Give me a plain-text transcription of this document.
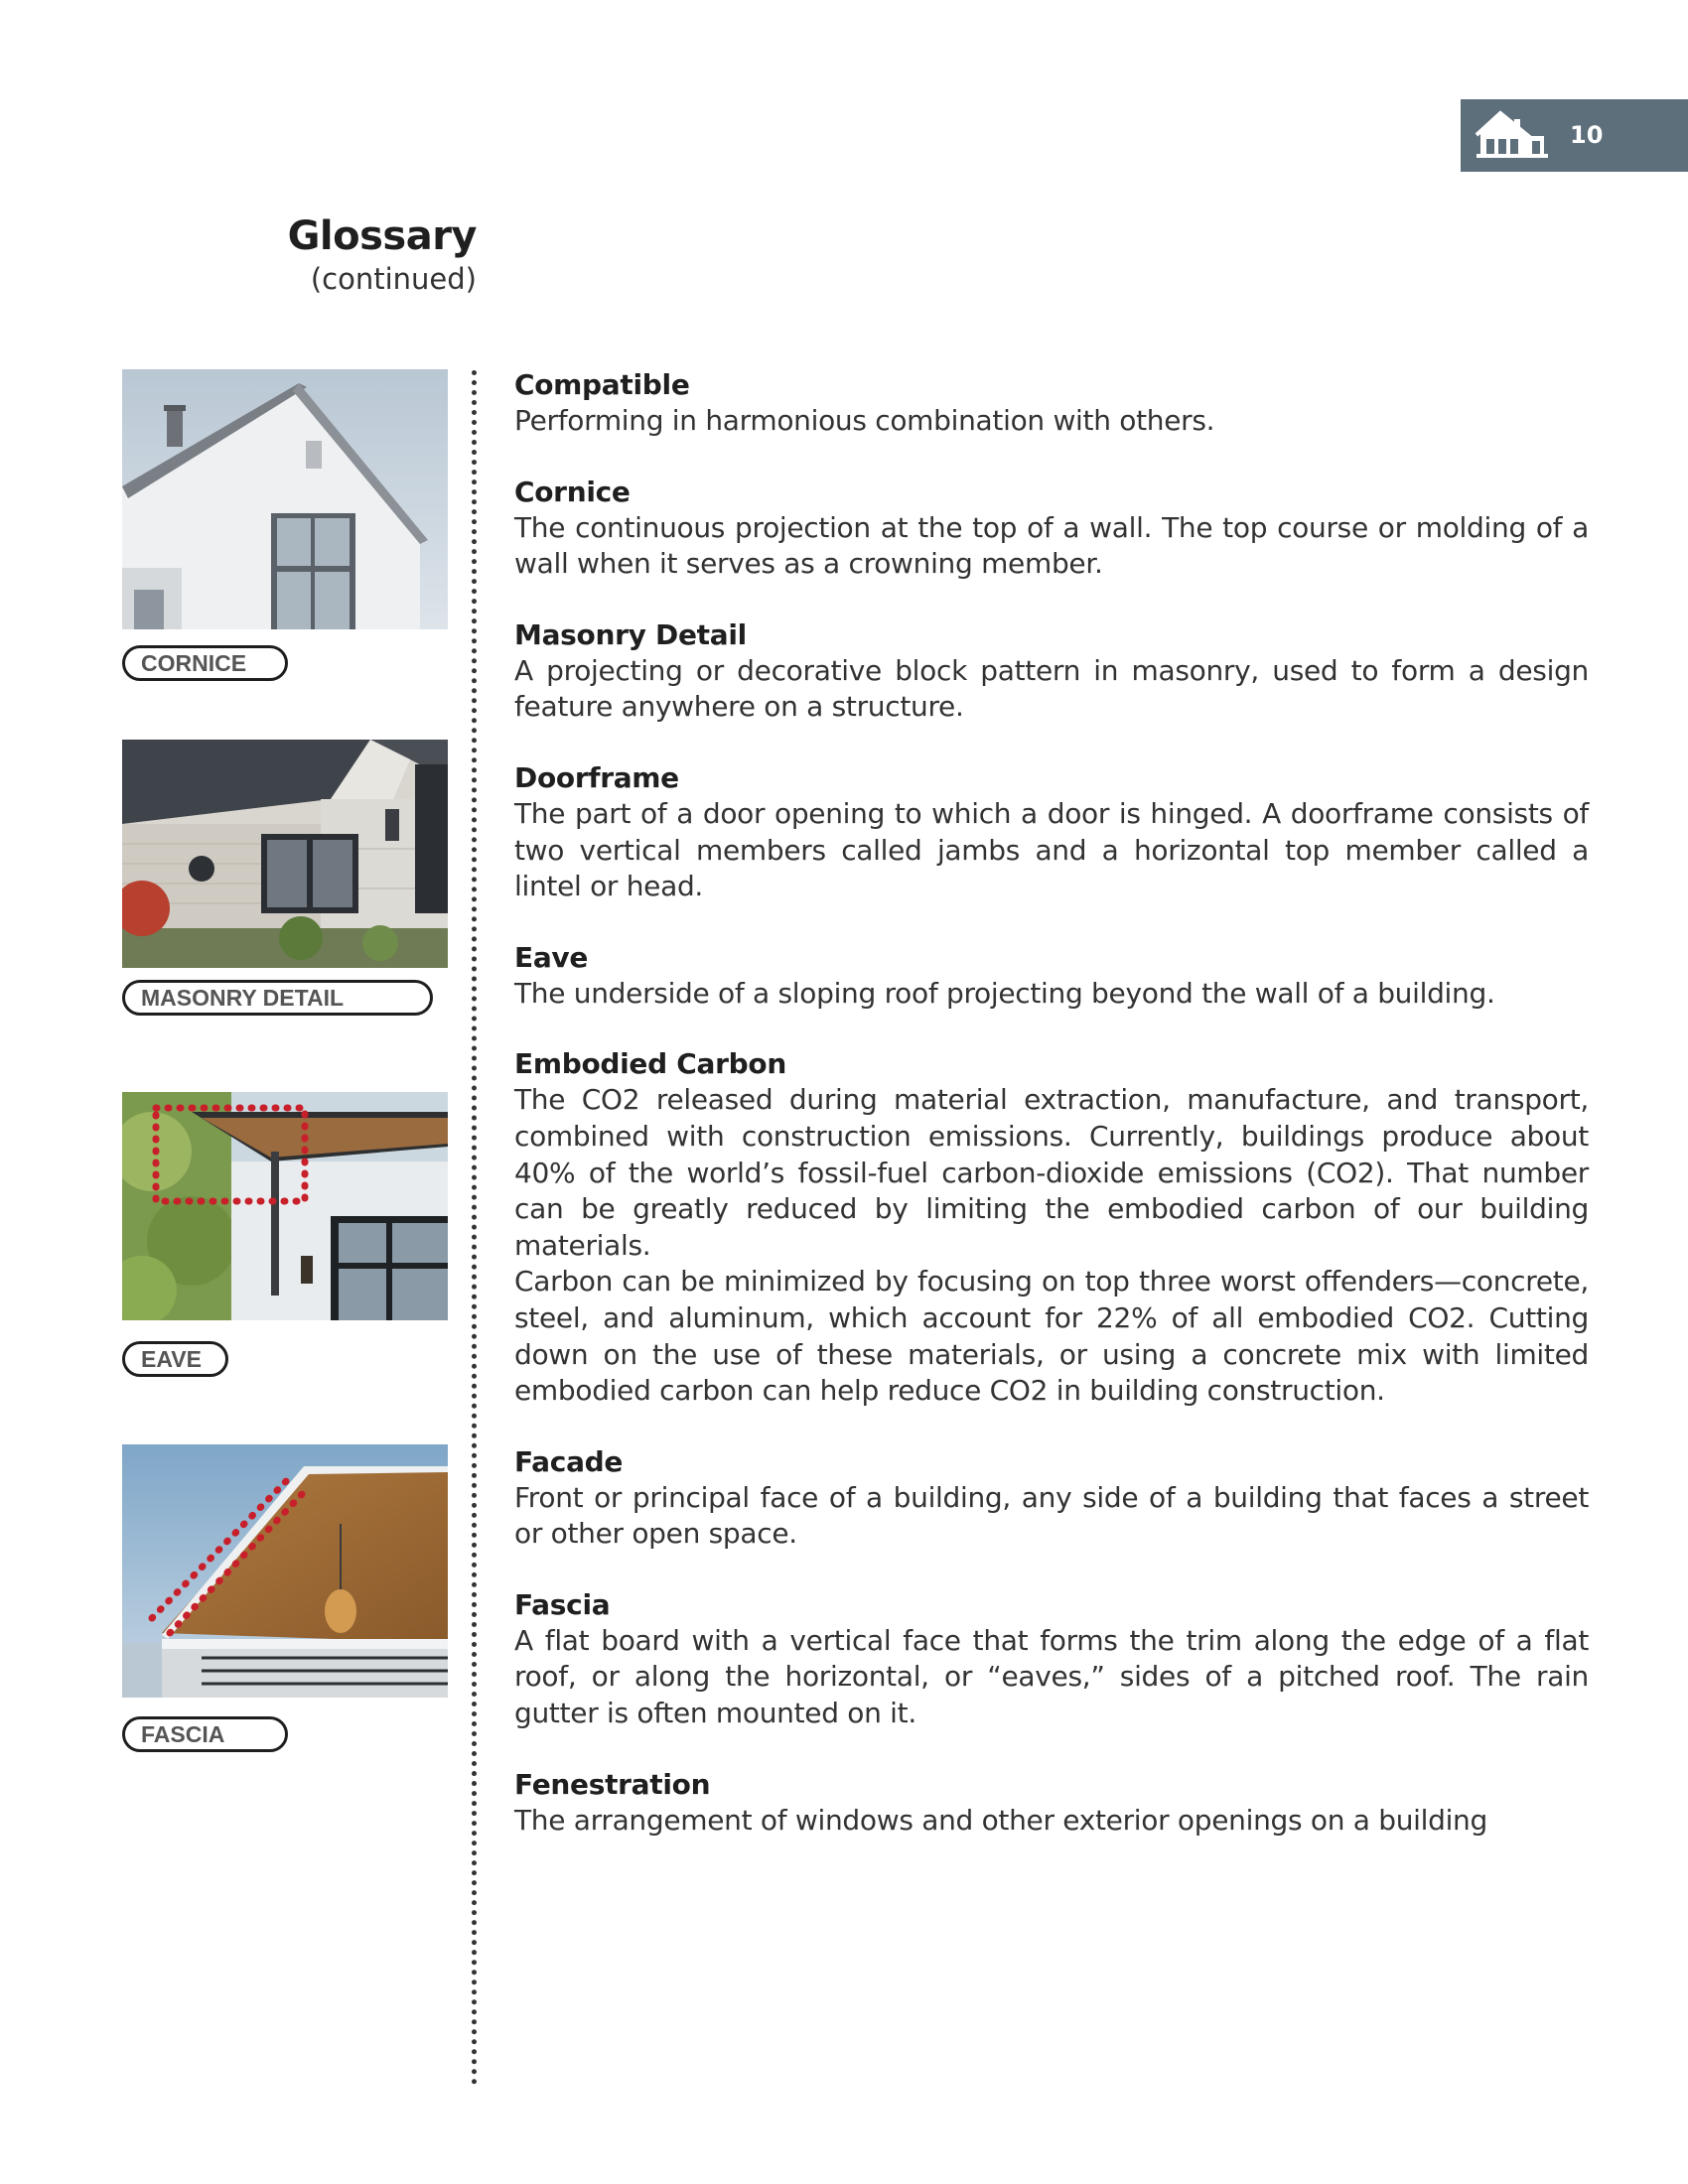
10
Glossary
(continued)
CORNICE
MASONRY DETAIL
EAVE
FASCIA
Compatible
Performing in harmonious combination with others.
Cornice
The continuous projection at the top of a wall. The top course or molding of a wall when it serves as a crowning member.
Masonry Detail
A projecting or decorative block pattern in masonry, used to form a design feature anywhere on a structure.
Doorframe
The part of a door opening to which a door is hinged. A doorframe consists of two vertical members called jambs and a horizontal top member called a lintel or head.
Eave
The underside of a sloping roof projecting beyond the wall of a building.
Embodied Carbon
The CO2 released during material extraction, manufacture, and transport, combined with construction emissions. Currently, buildings produce about 40% of the world’s fossil-fuel carbon-dioxide emissions (CO2). That number can be greatly reduced by limiting the embodied carbon of our building materials.
Carbon can be minimized by focusing on top three worst offenders—concrete, steel, and aluminum, which account for 22% of all embodied CO2. Cutting down on the use of these materials, or using a concrete mix with limited embodied carbon can help reduce CO2 in building construction.
Facade
Front or principal face of a building, any side of a building that faces a street or other open space.
Fascia
A flat board with a vertical face that forms the trim along the edge of a flat roof, or along the horizontal, or “eaves,” sides of a pitched roof. The rain gutter is often mounted on it.
Fenestration
The arrangement of windows and other exterior openings on a building
